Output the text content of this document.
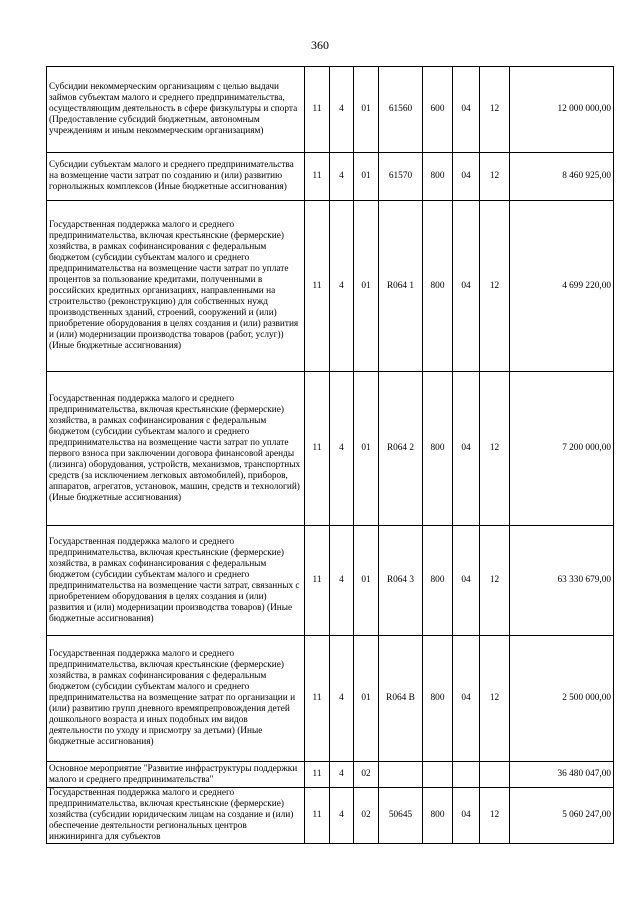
360
Субсидии некоммерческим организациям с целью выдачи займов субъектам малого и среднего предпринимательства, осуществляющим деятельность в сфере физкультуры и спорта (Предоставление субсидий бюджетным, автономным учреждениям и иным некоммерческим организациям)	11	4	01	61560	600	04	12	12 000 000,00
Субсидии субъектам малого и среднего предпринимательства на возмещение части затрат по созданию и (или) развитию горнолыжных комплексов (Иные бюджетные ассигнования)	11	4	01	61570	800	04	12	8 460 925,00
Государственная поддержка малого и среднего предпринимательства, включая крестьянские (фермерские) хозяйства, в рамках софинансирования с федеральным бюджетом (субсидии субъектам малого и среднего предпринимательства на возмещение части затрат по уплате процентов за пользование кредитами, полученными в российских кредитных организациях, направленными на строительство (реконструкцию) для собственных нужд производственных зданий, строений, сооружений и (или) приобретение оборудования в целях создания и (или) развития и (или) модернизации производства товаров (работ, услуг)) (Иные бюджетные ассигнования)	11	4	01	R064 1	800	04	12	4 699 220,00
Государственная поддержка малого и среднего предпринимательства, включая крестьянские (фермерские) хозяйства, в рамках софинансирования с федеральным бюджетом (субсидии субъектам малого и среднего предпринимательства на возмещение части затрат по уплате первого взноса при заключении договора финансовой аренды (лизинга) оборудования, устройств, механизмов, транспортных средств (за исключением легковых автомобилей), приборов, аппаратов, агрегатов, установок, машин, средств и технологий) (Иные бюджетные ассигнования)	11	4	01	R064 2	800	04	12	7 200 000,00
Государственная поддержка малого и среднего предпринимательства, включая крестьянские (фермерские) хозяйства, в рамках софинансирования с федеральным бюджетом (субсидии субъектам малого и среднего предпринимательства на возмещение части затрат, связанных с приобретением оборудования в целях создания и (или) развития и (или) модернизации производства товаров) (Иные бюджетные ассигнования)	11	4	01	R064 3	800	04	12	63 330 679,00
Государственная поддержка малого и среднего предпринимательства, включая крестьянские (фермерские) хозяйства, в рамках софинансирования с федеральным бюджетом (субсидии субъектам малого и среднего предпринимательства на возмещение затрат по организации и (или) развитию групп дневного времяпрепровождения детей дошкольного возраста и иных подобных им видов деятельности по уходу и присмотру за детьми) (Иные бюджетные ассигнования)	11	4	01	R064 В	800	04	12	2 500 000,00
Основное мероприятие "Развитие инфраструктуры поддержки малого и среднего предпринимательства"	11	4	02					36 480 047,00
Государственная поддержка малого и среднего предпринимательства, включая крестьянские (фермерские) хозяйства (субсидии юридическим лицам на создание и (или) обеспечение деятельности региональных центров инжиниринга для субъектов	11	4	02	50645	800	04	12	5 060 247,00
